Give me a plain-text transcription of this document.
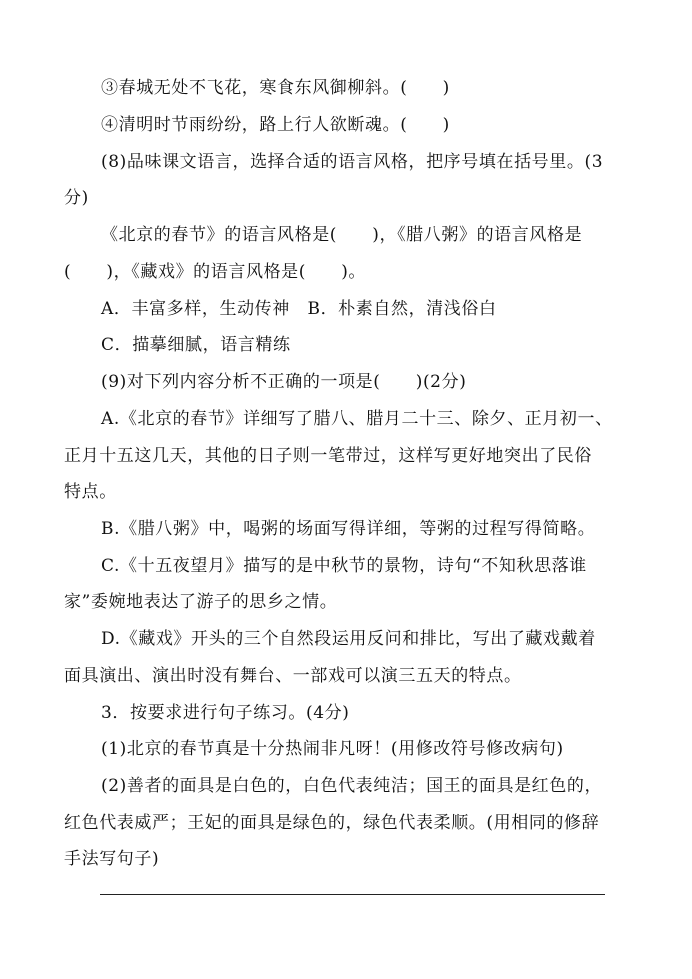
③春城无处不飞花，寒食东风御柳斜。(　　)
④清明时节雨纷纷，路上行人欲断魂。(　　)
(8)品味课文语言，选择合适的语言风格，把序号填在括号里。(3
分)
《北京的春节》的语言风格是(　　)，《腊八粥》的语言风格是
(　　)，《藏戏》的语言风格是(　　)。
A．丰富多样，生动传神　B．朴素自然，清浅俗白
C．描摹细腻，语言精练
(9)对下列内容分析不正确的一项是(　　)(2分)
A.《北京的春节》详细写了腊八、腊月二十三、除夕、正月初一、
正月十五这几天，其他的日子则一笔带过，这样写更好地突出了民俗
特点。
B.《腊八粥》中，喝粥的场面写得详细，等粥的过程写得简略。
C.《十五夜望月》描写的是中秋节的景物，诗句“不知秋思落谁
家”委婉地表达了游子的思乡之情。
D.《藏戏》开头的三个自然段运用反问和排比，写出了藏戏戴着
面具演出、演出时没有舞台、一部戏可以演三五天的特点。
3．按要求进行句子练习。(4分)
(1)北京的春节真是十分热闹非凡呀！(用修改符号修改病句)
(2)善者的面具是白色的，白色代表纯洁；国王的面具是红色的，
红色代表威严；王妃的面具是绿色的，绿色代表柔顺。(用相同的修辞
手法写句子)
